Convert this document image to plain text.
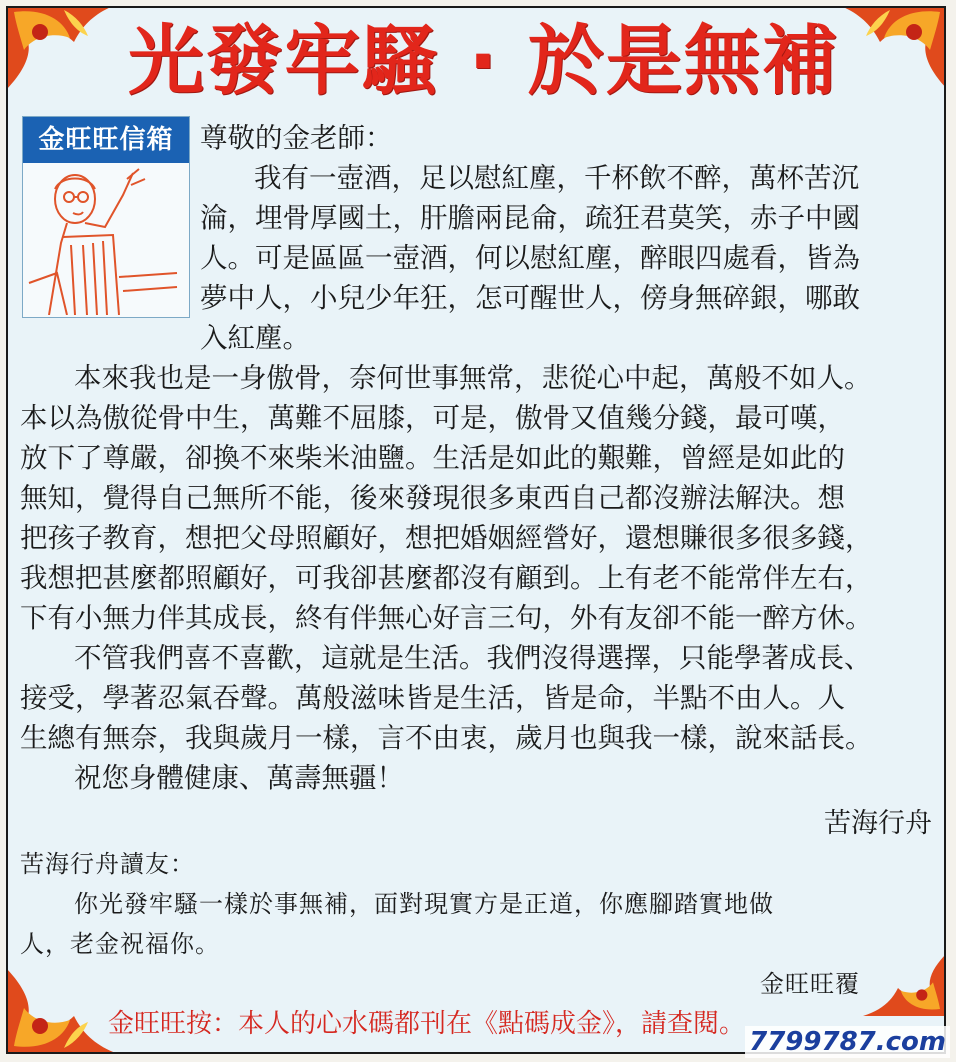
光發牢騷 · 於是無補
金旺旺信箱 尊敬的金老師：
我有一壺酒，足以慰紅塵，千杯飲不醉，萬杯苦沉
淪，埋骨厚國土，肝膽兩昆侖，疏狂君莫笑，赤子中國
人。可是區區一壺酒，何以慰紅塵，醉眼四處看，皆為
夢中人，小兒少年狂，怎可醒世人，傍身無碎銀，哪敢
入紅塵。
本來我也是一身傲骨，奈何世事無常，悲從心中起，萬般不如人。
本以為傲從骨中生，萬難不屈膝，可是，傲骨又值幾分錢，最可嘆，
放下了尊嚴，卻換不來柴米油鹽。生活是如此的艱難，曾經是如此的
無知，覺得自己無所不能，後來發現很多東西自己都沒辦法解決。想
把孩子教育，想把父母照顧好，想把婚姻經營好，還想賺很多很多錢，
我想把甚麼都照顧好，可我卻甚麼都沒有顧到。上有老不能常伴左右，
下有小無力伴其成長，終有伴無心好言三句，外有友卻不能一醉方休。
不管我們喜不喜歡，這就是生活。我們沒得選擇，只能學著成長、
接受，學著忍氣吞聲。萬般滋味皆是生活，皆是命，半點不由人。人
生總有無奈，我與歲月一樣，言不由衷，歲月也與我一樣，說來話長。
祝您身體健康、萬壽無疆！
苦海行舟
苦海行舟讀友：
你光發牢騷一樣於事無補，面對現實方是正道，你應腳踏實地做
人，老金祝福你。
金旺旺覆
金旺旺按：本人的心水碼都刊在《點碼成金》，請查閱。
7799787.com
